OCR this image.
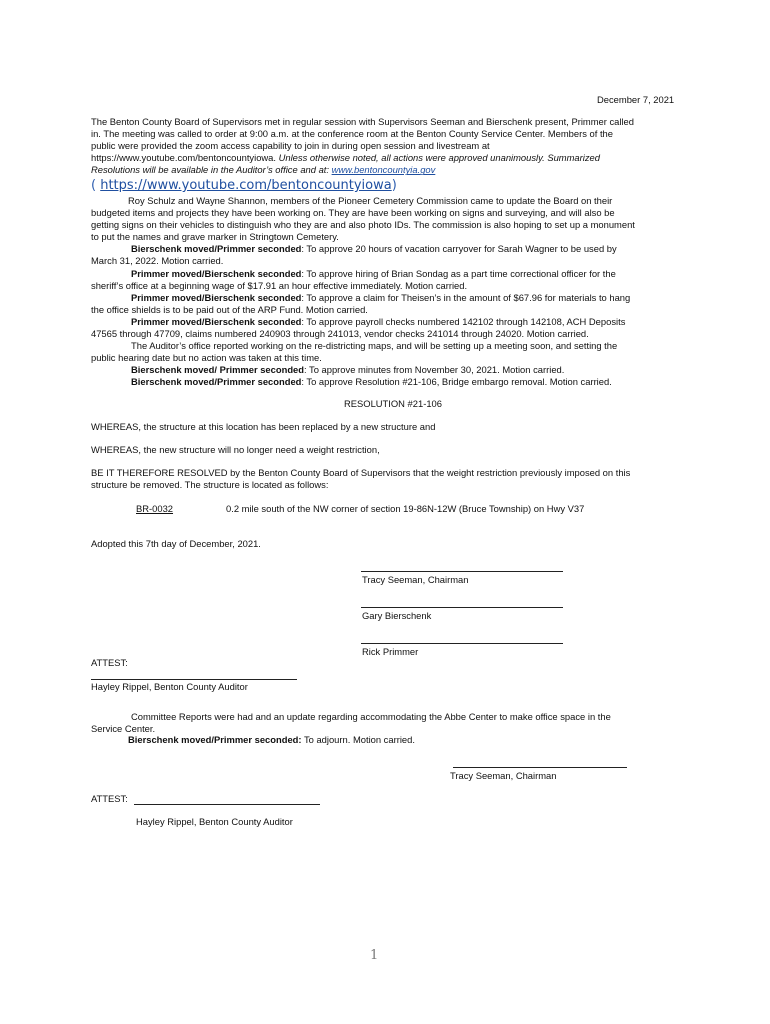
December 7, 2021
The Benton County Board of Supervisors met in regular session with Supervisors Seeman and Bierschenk present, Primmer called
in. The meeting was called to order at 9:00 a.m. at the conference room at the Benton County Service Center. Members of the
public were provided the zoom access capability to join in during open session and livestream at
https://www.youtube.com/bentoncountyiowa. Unless otherwise noted, all actions were approved unanimously. Summarized
Resolutions will be available in the Auditor’s office and at: www.bentoncountyia.gov
( https://www.youtube.com/bentoncountyiowa)
Roy Schulz and Wayne Shannon, members of the Pioneer Cemetery Commission came to update the Board on their
budgeted items and projects they have been working on. They are have been working on signs and surveying, and will also be
getting signs on their vehicles to distinguish who they are and also photo IDs. The commission is also hoping to set up a monument
to put the names and grave marker in Stringtown Cemetery.
Bierschenk moved/Primmer seconded: To approve 20 hours of vacation carryover for Sarah Wagner to be used by
March 31, 2022. Motion carried.
Primmer moved/Bierschenk seconded: To approve hiring of Brian Sondag as a part time correctional officer for the
sheriff’s office at a beginning wage of $17.91 an hour effective immediately. Motion carried.
Primmer moved/Bierschenk seconded: To approve a claim for Theisen’s in the amount of $67.96 for materials to hang
the office shields is to be paid out of the ARP Fund. Motion carried.
Primmer moved/Bierschenk seconded: To approve payroll checks numbered 142102 through 142108, ACH Deposits
47565 through 47709, claims numbered 240903 through 241013, vendor checks 241014 through 24020. Motion carried.
The Auditor’s office reported working on the re-districting maps, and will be setting up a meeting soon, and setting the
public hearing date but no action was taken at this time.
Bierschenk moved/ Primmer seconded: To approve minutes from November 30, 2021. Motion carried.
Bierschenk moved/Primmer seconded: To approve Resolution #21-106, Bridge embargo removal. Motion carried.
RESOLUTION #21-106
WHEREAS, the structure at this location has been replaced by a new structure and
WHEREAS, the new structure will no longer need a weight restriction,
BE IT THEREFORE RESOLVED by the Benton County Board of Supervisors that the weight restriction previously imposed on this
structure be removed. The structure is located as follows:
BR-0032	0.2 mile south of the NW corner of section 19-86N-12W (Bruce Township) on Hwy V37
Adopted this 7th day of December, 2021.
Tracy Seeman, Chairman
Gary Bierschenk
Rick Primmer
ATTEST:
Hayley Rippel, Benton County Auditor
Committee Reports were had and an update regarding accommodating the Abbe Center to make office space in the
Service Center.
Bierschenk moved/Primmer seconded: To adjourn. Motion carried.
Tracy Seeman, Chairman
ATTEST:
Hayley Rippel, Benton County Auditor
1
